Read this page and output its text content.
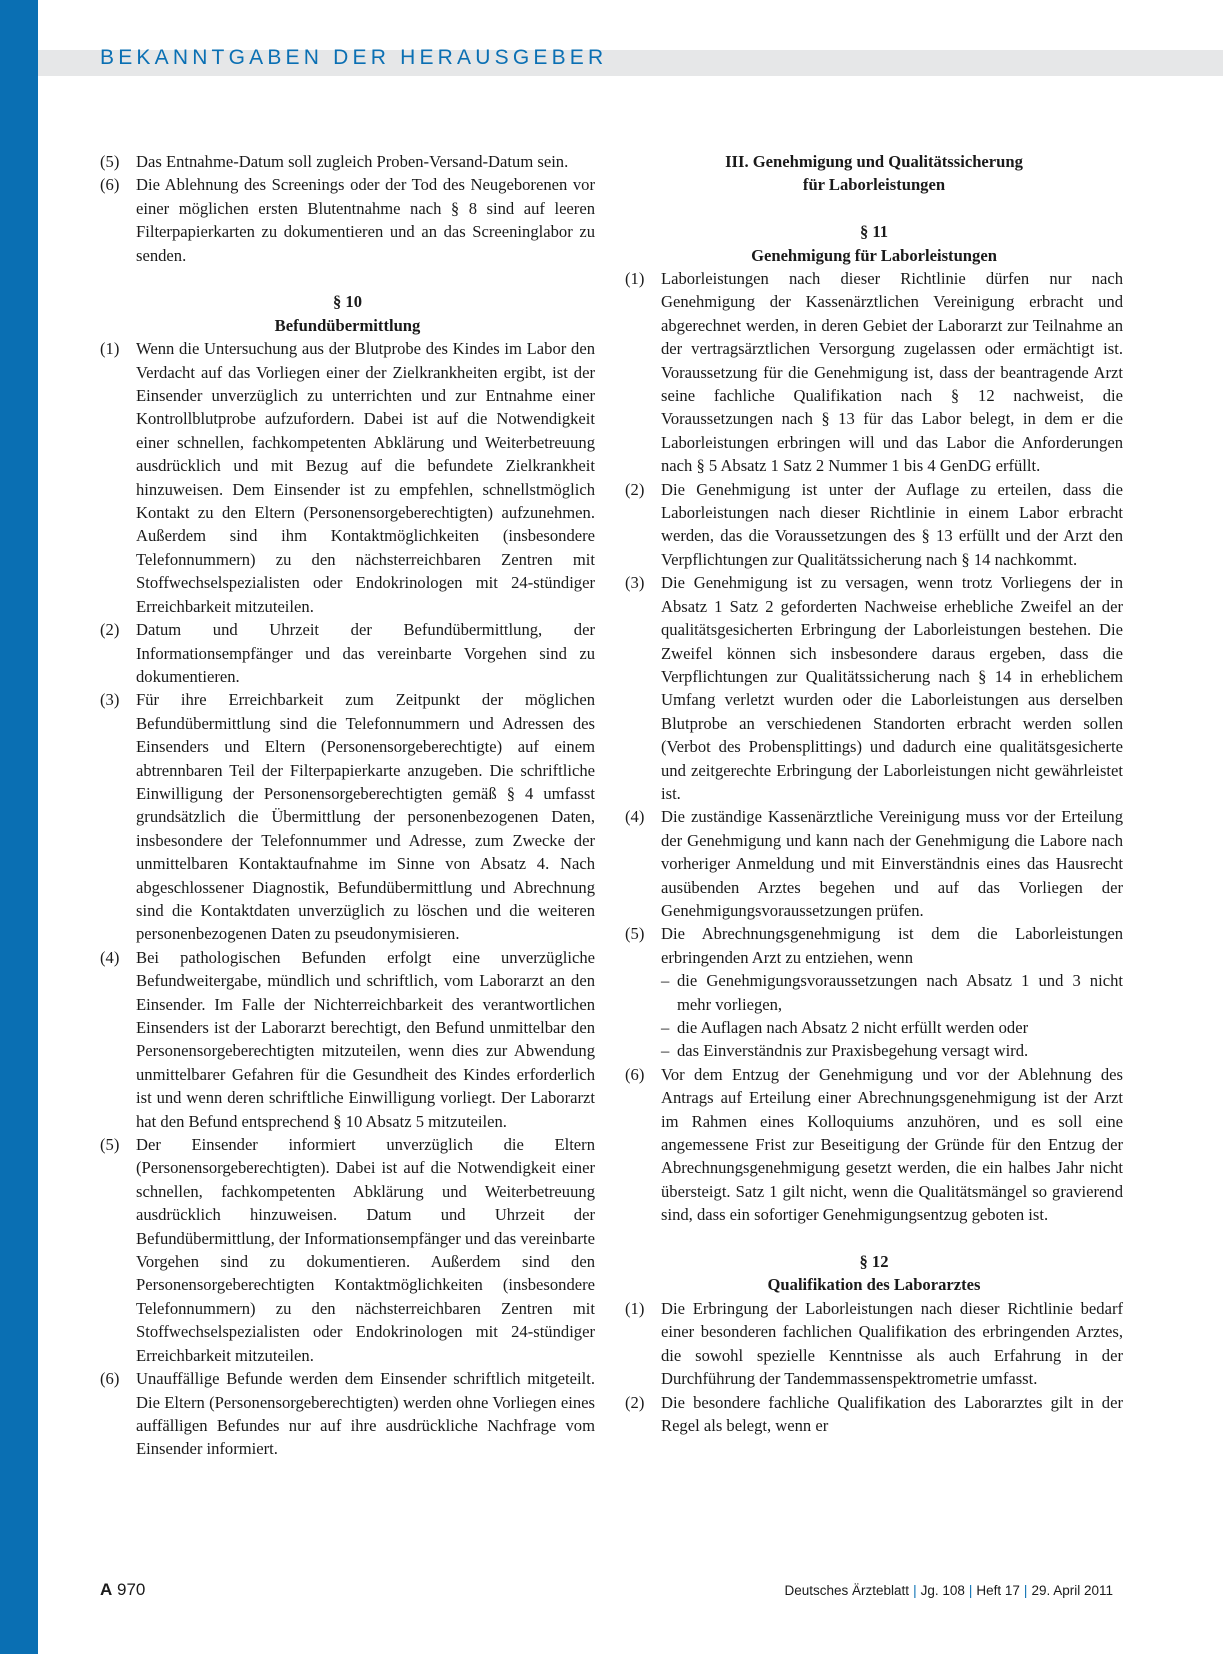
BEKANNTGABEN DER HERAUSGEBER
(5)	Das Entnahme-Datum soll zugleich Proben-Versand-Datum sein.
(6)	Die Ablehnung des Screenings oder der Tod des Neugeborenen vor einer möglichen ersten Blutentnahme nach § 8 sind auf leeren Filterpapierkarten zu dokumentieren und an das Screeninglabor zu senden.
§ 10
Befundübermittlung
(1)	Wenn die Untersuchung aus der Blutprobe des Kindes im Labor den Verdacht auf das Vorliegen einer der Zielkrankheiten ergibt, ist der Einsender unverzüglich zu unterrichten und zur Entnahme einer Kontrollblutprobe aufzufordern. Dabei ist auf die Notwendigkeit einer schnellen, fachkompetenten Abklärung und Weiterbetreuung ausdrücklich und mit Bezug auf die befundete Zielkrankheit hinzuweisen. Dem Einsender ist zu empfehlen, schnellstmöglich Kontakt zu den Eltern (Personensorgeberechtigten) aufzunehmen. Außerdem sind ihm Kontaktmöglichkeiten (insbesondere Telefonnummern) zu den nächsterreichbaren Zentren mit Stoffwechselspezialisten oder Endokrinologen mit 24-stündiger Erreichbarkeit mitzuteilen.
(2)	Datum und Uhrzeit der Befundübermittlung, der Informationsempfänger und das vereinbarte Vorgehen sind zu dokumentieren.
(3)	Für ihre Erreichbarkeit zum Zeitpunkt der möglichen Befundübermittlung sind die Telefonnummern und Adressen des Einsenders und Eltern (Personensorgeberechtigte) auf einem abtrennbaren Teil der Filterpapierkarte anzugeben. Die schriftliche Einwilligung der Personensorgeberechtigten gemäß § 4 umfasst grundsätzlich die Übermittlung der personenbezogenen Daten, insbesondere der Telefonnummer und Adresse, zum Zwecke der unmittelbaren Kontaktaufnahme im Sinne von Absatz 4. Nach abgeschlossener Diagnostik, Befundübermittlung und Abrechnung sind die Kontaktdaten unverzüglich zu löschen und die weiteren personenbezogenen Daten zu pseudonymisieren.
(4)	Bei pathologischen Befunden erfolgt eine unverzügliche Befundweitergabe, mündlich und schriftlich, vom Laborarzt an den Einsender. Im Falle der Nichterreichbarkeit des verantwortlichen Einsenders ist der Laborarzt berechtigt, den Befund unmittelbar den Personensorgeberechtigten mitzuteilen, wenn dies zur Abwendung unmittelbarer Gefahren für die Gesundheit des Kindes erforderlich ist und wenn deren schriftliche Einwilligung vorliegt. Der Laborarzt hat den Befund entsprechend § 10 Absatz 5 mitzuteilen.
(5)	Der Einsender informiert unverzüglich die Eltern (Personensorgeberechtigten). Dabei ist auf die Notwendigkeit einer schnellen, fachkompetenten Abklärung und Weiterbetreuung ausdrücklich hinzuweisen. Datum und Uhrzeit der Befundübermittlung, der Informationsempfänger und das vereinbarte Vorgehen sind zu dokumentieren. Außerdem sind den Personensorgeberechtigten Kontaktmöglichkeiten (insbesondere Telefonnummern) zu den nächsterreichbaren Zentren mit Stoffwechselspezialisten oder Endokrinologen mit 24-stündiger Erreichbarkeit mitzuteilen.
(6)	Unauffällige Befunde werden dem Einsender schriftlich mitgeteilt. Die Eltern (Personensorgeberechtigten) werden ohne Vorliegen eines auffälligen Befundes nur auf ihre ausdrückliche Nachfrage vom Einsender informiert.
III. Genehmigung und Qualitätssicherung
für Laborleistungen
§ 11
Genehmigung für Laborleistungen
(1)	Laborleistungen nach dieser Richtlinie dürfen nur nach Genehmigung der Kassenärztlichen Vereinigung erbracht und abgerechnet werden, in deren Gebiet der Laborarzt zur Teilnahme an der vertragsärztlichen Versorgung zugelassen oder ermächtigt ist. Voraussetzung für die Genehmigung ist, dass der beantragende Arzt seine fachliche Qualifikation nach § 12 nachweist, die Voraussetzungen nach § 13 für das Labor belegt, in dem er die Laborleistungen erbringen will und das Labor die Anforderungen nach § 5 Absatz 1 Satz 2 Nummer 1 bis 4 GenDG erfüllt.
(2)	Die Genehmigung ist unter der Auflage zu erteilen, dass die Laborleistungen nach dieser Richtlinie in einem Labor erbracht werden, das die Voraussetzungen des § 13 erfüllt und der Arzt den Verpflichtungen zur Qualitätssicherung nach § 14 nachkommt.
(3)	Die Genehmigung ist zu versagen, wenn trotz Vorliegens der in Absatz 1 Satz 2 geforderten Nachweise erhebliche Zweifel an der qualitätsgesicherten Erbringung der Laborleistungen bestehen. Die Zweifel können sich insbesondere daraus ergeben, dass die Verpflichtungen zur Qualitätssicherung nach § 14 in erheblichem Umfang verletzt wurden oder die Laborleistungen aus derselben Blutprobe an verschiedenen Standorten erbracht werden sollen (Verbot des Probensplittings) und dadurch eine qualitätsgesicherte und zeitgerechte Erbringung der Laborleistungen nicht gewährleistet ist.
(4)	Die zuständige Kassenärztliche Vereinigung muss vor der Erteilung der Genehmigung und kann nach der Genehmigung die Labore nach vorheriger Anmeldung und mit Einverständnis eines das Hausrecht ausübenden Arztes begehen und auf das Vorliegen der Genehmigungsvoraussetzungen prüfen.
(5)	Die Abrechnungsgenehmigung ist dem die Laborleistungen erbringenden Arzt zu entziehen, wenn
– die Genehmigungsvoraussetzungen nach Absatz 1 und 3 nicht mehr vorliegen,
– die Auflagen nach Absatz 2 nicht erfüllt werden oder
– das Einverständnis zur Praxisbegehung versagt wird.
(6)	Vor dem Entzug der Genehmigung und vor der Ablehnung des Antrags auf Erteilung einer Abrechnungsgenehmigung ist der Arzt im Rahmen eines Kolloquiums anzuhören, und es soll eine angemessene Frist zur Beseitigung der Gründe für den Entzug der Abrechnungsgenehmigung gesetzt werden, die ein halbes Jahr nicht übersteigt. Satz 1 gilt nicht, wenn die Qualitätsmängel so gravierend sind, dass ein sofortiger Genehmigungsentzug geboten ist.
§ 12
Qualifikation des Laborarztes
(1)	Die Erbringung der Laborleistungen nach dieser Richtlinie bedarf einer besonderen fachlichen Qualifikation des erbringenden Arztes, die sowohl spezielle Kenntnisse als auch Erfahrung in der Durchführung der Tandemmassenspektrometrie umfasst.
(2)	Die besondere fachliche Qualifikation des Laborarztes gilt in der Regel als belegt, wenn er
A 970	Deutsches Ärzteblatt | Jg. 108 | Heft 17 | 29. April 2011
